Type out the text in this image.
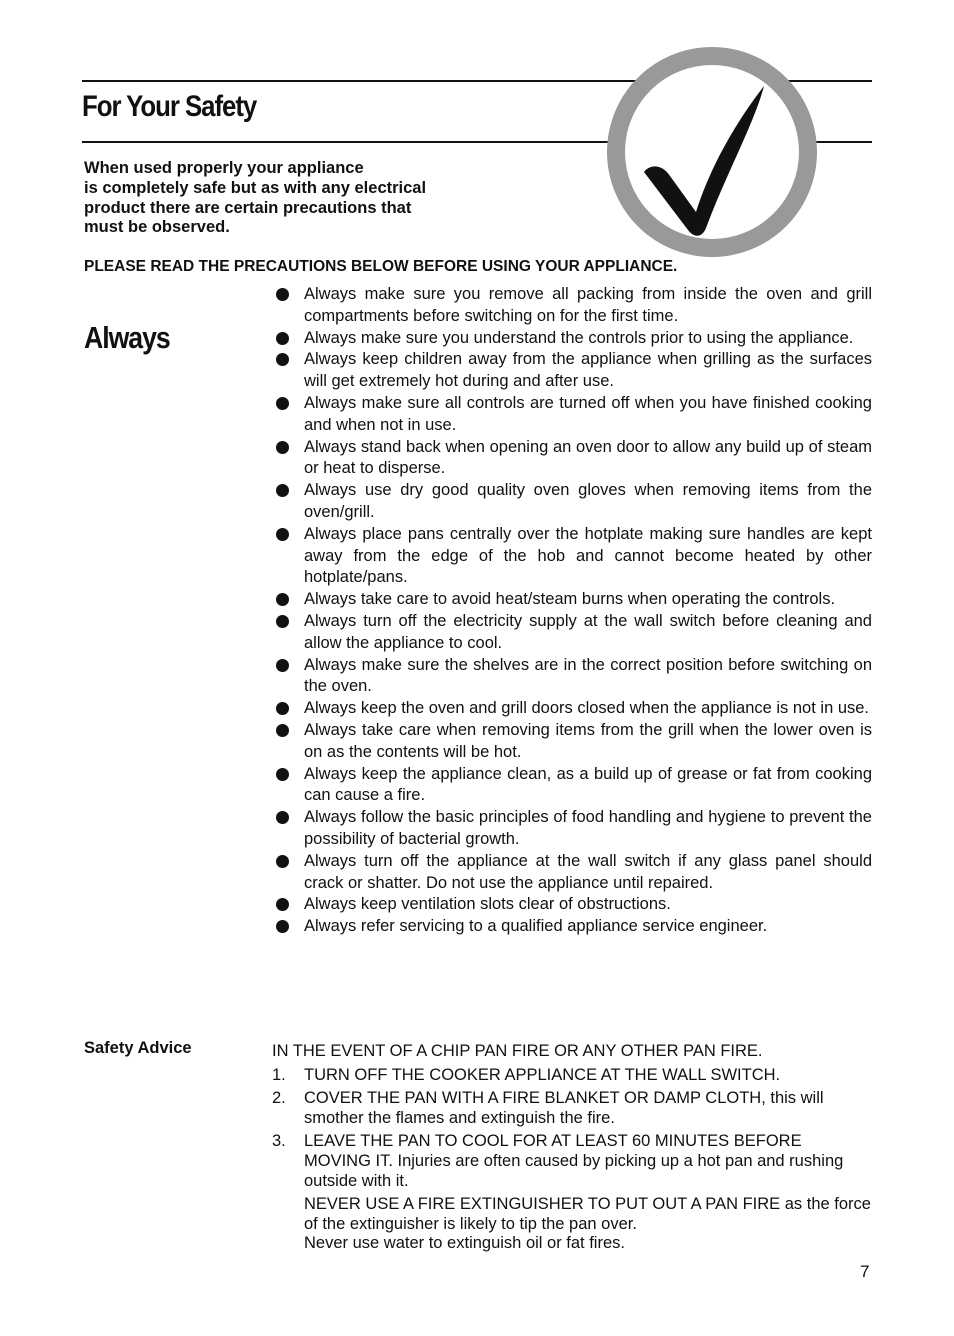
For Your Safety

When used properly your appliance
is completely safe but as with any electrical
product there are certain precautions that
must be observed.

PLEASE READ THE PRECAUTIONS BELOW BEFORE USING YOUR APPLIANCE.

Always
Always make sure you remove all packing from inside the oven and grill compartments before switching on for the first time.
Always make sure you understand the controls prior to using the appliance.
Always keep children away from the appliance when grilling as the surfaces will get extremely hot during and after use.
Always make sure all controls are turned off when you have finished cooking and when not in use.
Always stand back when opening an oven door to allow any build up of steam or heat to disperse.
Always use dry good quality oven gloves when removing items from the oven/grill.
Always place pans centrally over the hotplate making sure handles are kept away from the edge of the hob and cannot become heated by other hotplate/pans.
Always take care to avoid heat/steam burns when operating the controls.
Always turn off the electricity supply at the wall switch before cleaning and allow the appliance to cool.
Always make sure the shelves are in the correct position before switching on the oven.
Always keep the oven and grill doors closed when the appliance is not in use.
Always take care when removing items from the grill when the lower oven is on as the contents will be hot.
Always keep the appliance clean, as a build up of grease or fat from cooking can cause a fire.
Always follow the basic principles of food handling and hygiene to prevent the possibility of bacterial growth.
Always turn off the appliance at the wall switch if any glass panel should crack or shatter. Do not use the appliance until repaired.
Always keep ventilation slots clear of obstructions.
Always refer servicing to a qualified appliance service engineer.
Safety Advice	IN THE EVENT OF A CHIP PAN FIRE OR ANY OTHER PAN FIRE.

1. TURN OFF THE COOKER APPLIANCE AT THE WALL SWITCH.
2. COVER THE PAN WITH A FIRE BLANKET OR DAMP CLOTH, this will smother the flames and extinguish the fire.
3. LEAVE THE PAN TO COOL FOR AT LEAST 60 MINUTES BEFORE MOVING IT. Injuries are often caused by picking up a hot pan and rushing outside with it.

NEVER USE A FIRE EXTINGUISHER TO PUT OUT A PAN FIRE as the force of the extinguisher is likely to tip the pan over.
Never use water to extinguish oil or fat fires.

7
